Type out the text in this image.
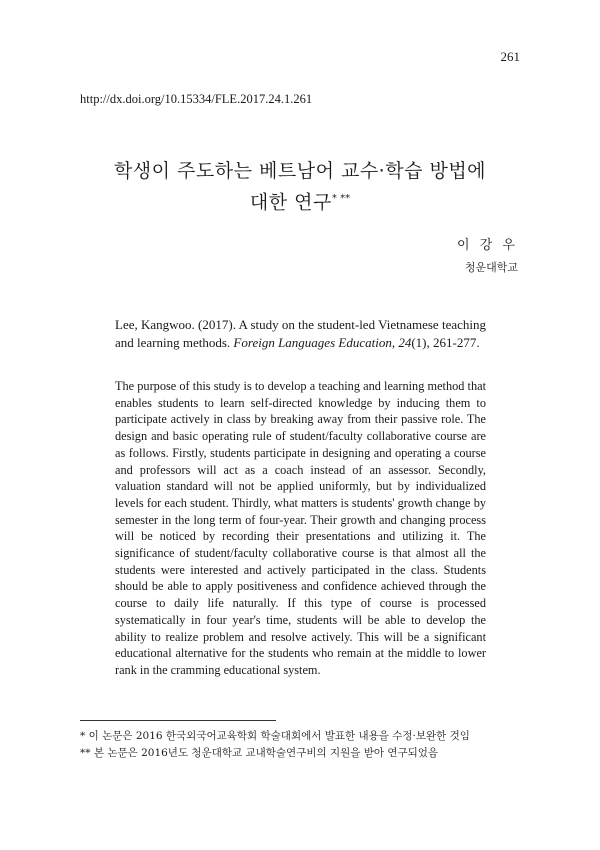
261
http://dx.doi.org/10.15334/FLE.2017.24.1.261
학생이 주도하는 베트남어 교수·학습 방법에
대한 연구* **
이 강 우
청운대학교
Lee, Kangwoo. (2017). A study on the student-led Vietnamese teaching and learning methods. Foreign Languages Education, 24(1), 261-277.
The purpose of this study is to develop a teaching and learning method that enables students to learn self-directed knowledge by inducing them to participate actively in class by breaking away from their passive role. The design and basic operating rule of student/faculty collaborative course are as follows. Firstly, students participate in designing and operating a course and professors will act as a coach instead of an assessor. Secondly, valuation standard will not be applied uniformly, but by individualized levels for each student. Thirdly, what matters is students' growth change by semester in the long term of four-year. Their growth and changing process will be noticed by recording their presentations and utilizing it. The significance of student/faculty collaborative course is that almost all the students were interested and actively participated in the class. Students should be able to apply positiveness and confidence achieved through the course to daily life naturally. If this type of course is processed systematically in four year's time, students will be able to develop the ability to realize problem and resolve actively. This will be a significant educational alternative for the students who remain at the middle to lower rank in the cramming educational system.
* 이 논문은 2016 한국외국어교육학회 학술대회에서 발표한 내용을 수정·보완한 것임
** 본 논문은 2016년도 청운대학교 교내학술연구비의 지원을 받아 연구되었음
